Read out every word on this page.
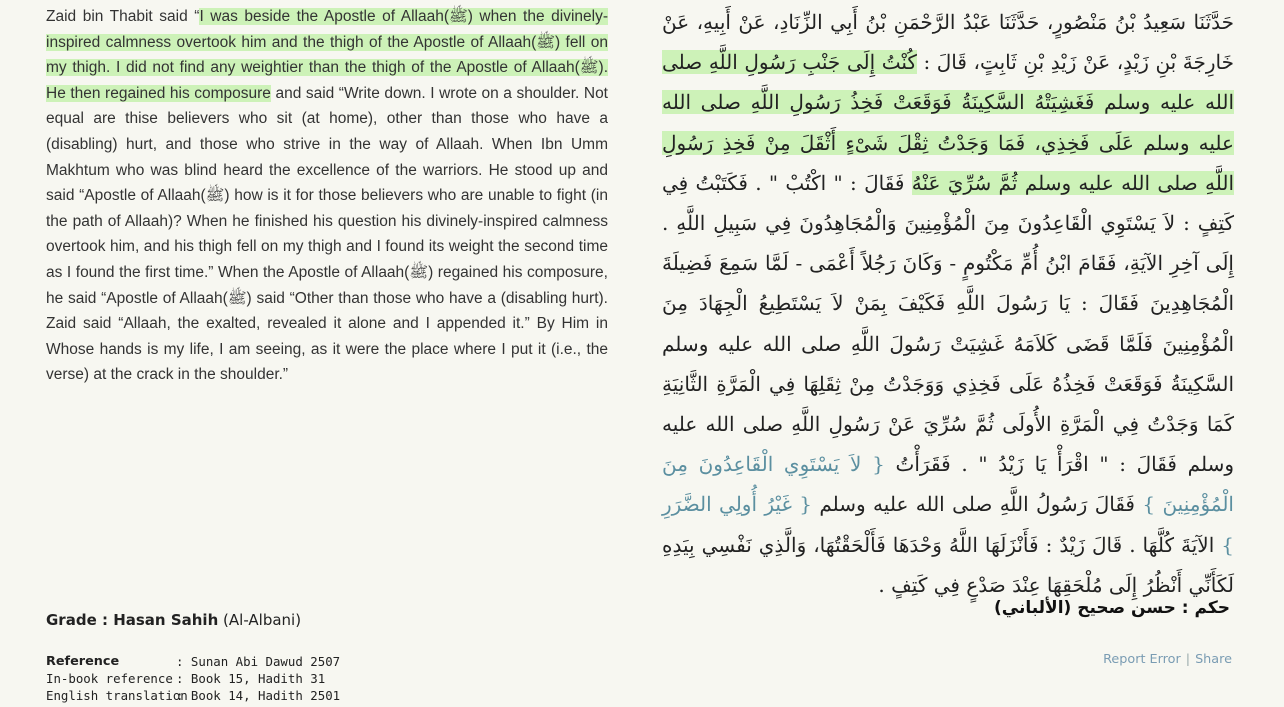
Zaid bin Thabit said “I was beside the Apostle of Allaah(ﷺ) when the divinely-inspired calmness overtook him and the thigh of the Apostle of Allaah(ﷺ) fell on my thigh. I did not find any weightier than the thigh of the Apostle of Allaah(ﷺ). He then regained his composure and said “Write down. I wrote on a shoulder. Not equal are thise believers who sit (at home), other than those who have a (disabling) hurt, and those who strive in the way of Allaah. When Ibn Umm Makhtum who was blind heard the excellence of the warriors. He stood up and said “Apostle of Allaah(ﷺ) how is it for those believers who are unable to fight (in the path of Allaah)? When he finished his question his divinely-inspired calmness overtook him, and his thigh fell on my thigh and I found its weight the second time as I found the first time.” When the Apostle of Allaah(ﷺ) regained his composure, he said “Apostle of Allaah(ﷺ) said “Other than those who have a (disabling hurt). Zaid said “Allaah, the exalted, revealed it alone and I appended it.” By Him in Whose hands is my life, I am seeing, as it were the place where I put it (i.e., the verse) at the crack in the shoulder.”
حَدَّثَنَا سَعِيدُ بْنُ مَنْصُورٍ، حَدَّثَنَا عَبْدُ الرَّحْمَنِ بْنُ أَبِي الزِّنَادِ، عَنْ أَبِيهِ، عَنْ خَارِجَةَ بْنِ زَيْدٍ، عَنْ زَيْدِ بْنِ ثَابِتٍ، قَالَ : كُنْتُ إِلَى جَنْبِ رَسُولِ اللَّهِ صلى الله عليه وسلم فَغَشِيَتْهُ السَّكِينَةُ فَوَقَعَتْ فَخِذُ رَسُولِ اللَّهِ صلى الله عليه وسلم عَلَى فَخِذِي، فَمَا وَجَدْتُ ثِقْلَ شَىْءٍ أَثْقَلَ مِنْ فَخِذِ رَسُولِ اللَّهِ صلى الله عليه وسلم ثُمَّ سُرِّيَ عَنْهُ فَقَالَ : " اكْتُبْ " . فَكَتَبْتُ فِي كَتِفٍ : لاَ يَسْتَوِي الْقَاعِدُونَ مِنَ الْمُؤْمِنِينَ وَالْمُجَاهِدُونَ فِي سَبِيلِ اللَّهِ . إِلَى آخِرِ الآيَةِ، فَقَامَ ابْنُ أُمِّ مَكْتُومٍ - وَكَانَ رَجُلاً أَعْمَى - لَمَّا سَمِعَ فَضِيلَةَ الْمُجَاهِدِينَ فَقَالَ : يَا رَسُولَ اللَّهِ فَكَيْفَ بِمَنْ لاَ يَسْتَطِيعُ الْجِهَادَ مِنَ الْمُؤْمِنِينَ فَلَمَّا قَضَى كَلاَمَهُ غَشِيَتْ رَسُولَ اللَّهِ صلى الله عليه وسلم السَّكِينَةُ فَوَقَعَتْ فَخِذُهُ عَلَى فَخِذِي وَوَجَدْتُ مِنْ ثِقَلِهَا فِي الْمَرَّةِ الثَّانِيَةِ كَمَا وَجَدْتُ فِي الْمَرَّةِ الأُولَى ثُمَّ سُرِّيَ عَنْ رَسُولِ اللَّهِ صلى الله عليه وسلم فَقَالَ : " اقْرَأْ يَا زَيْدُ " . فَقَرَأْتُ { لاَ يَسْتَوِي الْقَاعِدُونَ مِنَ الْمُؤْمِنِينَ } فَقَالَ رَسُولُ اللَّهِ صلى الله عليه وسلم { غَيْرُ أُولِي الضَّرَرِ } الآيَةَ كُلَّهَا . قَالَ زَيْدٌ : فَأَنْزَلَهَا اللَّهُ وَحْدَهَا فَأَلْحَقْتُهَا، وَالَّذِي نَفْسِي بِيَدِهِ لَكَأَنِّي أَنْظُرُ إِلَى مُلْحَقِهَا عِنْدَ صَدْعٍ فِي كَتِفٍ .
Grade : Hasan Sahih (Al-Albani)
حكم : حسن صحيح (الألباني)
Reference	: Sunan Abi Dawud 2507
In-book reference : Book 15, Hadith 31
English translation
: Book 14, Hadith 2501
Report Error | Share
